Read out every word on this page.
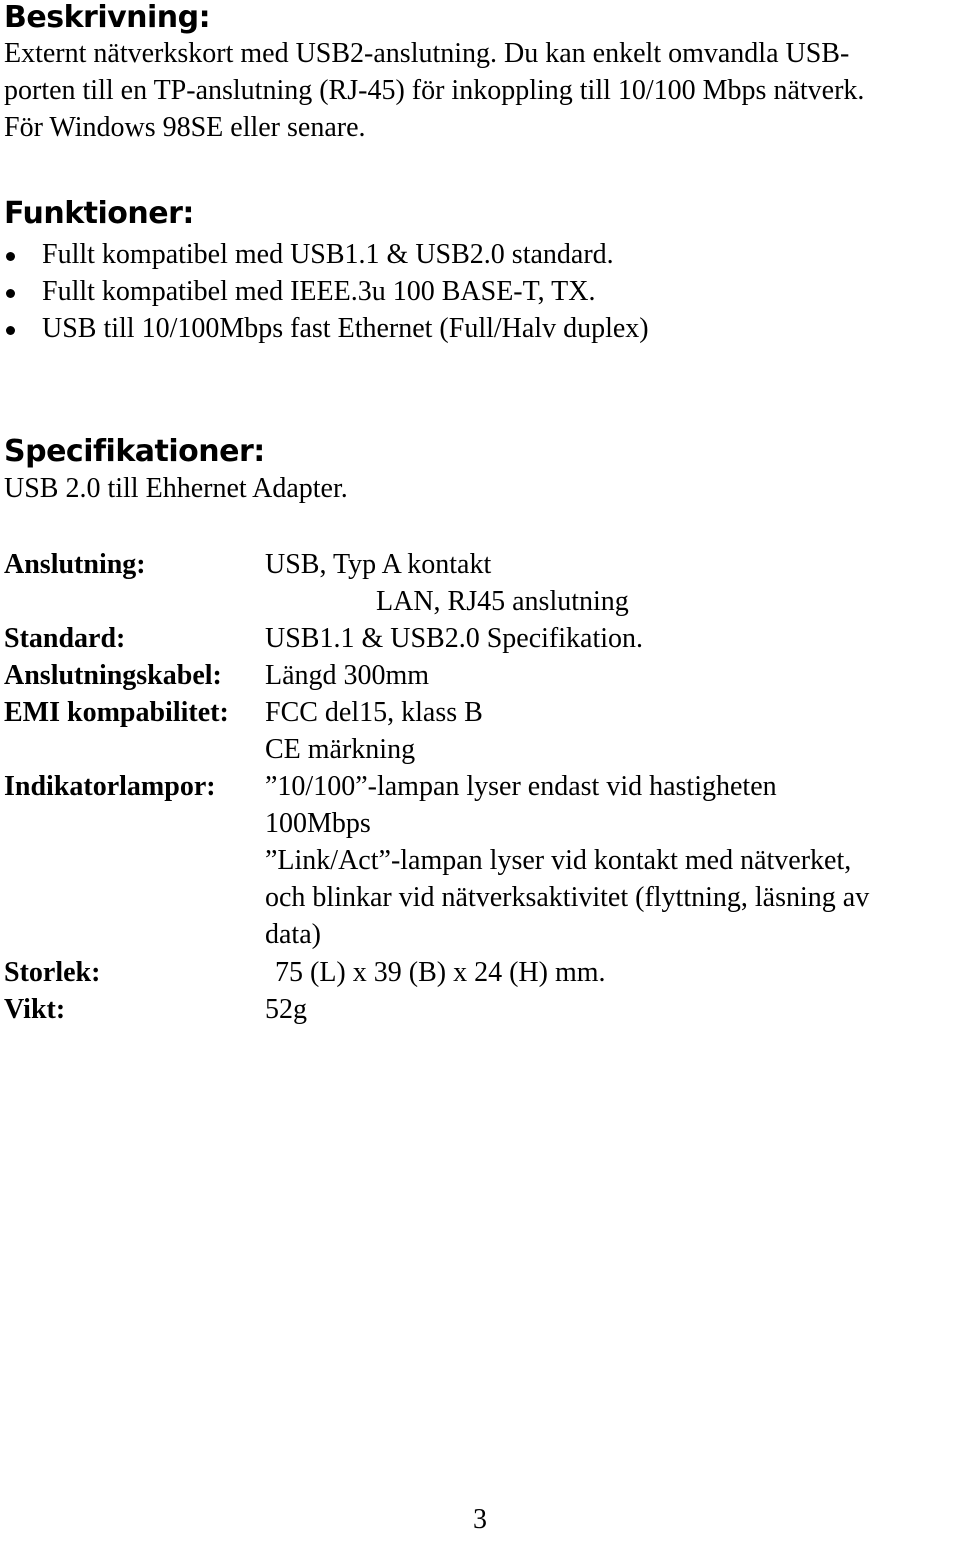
Beskrivning:

Externt nätverkskort med USB2-anslutning. Du kan enkelt omvandla USB-

porten till en TP-anslutning (RJ-45) för inkoppling till 10/100 Mbps nätverk.

För Windows 98SE eller senare.

Funktioner:

Fullt kompatibel med USB1.1 & USB2.0 standard.

Fullt kompatibel med IEEE.3u 100 BASE-T, TX.

USB till 10/100Mbps fast Ethernet (Full/Halv duplex)

Specifikationer:

USB 2.0 till Ehhernet Adapter.

Anslutning:	USB, Typ A kontakt

LAN, RJ45 anslutning

Standard:	USB1.1 & USB2.0 Specifikation.

Anslutningskabel: Längd 300mm

EMI kompabilitet: FCC del15, klass B

CE märkning

Indikatorlampor: ”10/100”-lampan lyser endast vid hastigheten

100Mbps

”Link/Act”-lampan lyser vid kontakt med nätverket,

och blinkar vid nätverksaktivitet (flyttning, läsning av

data)

Storlek:	75 (L) x 39 (B) x 24 (H) mm.

Vikt:	52g

3
